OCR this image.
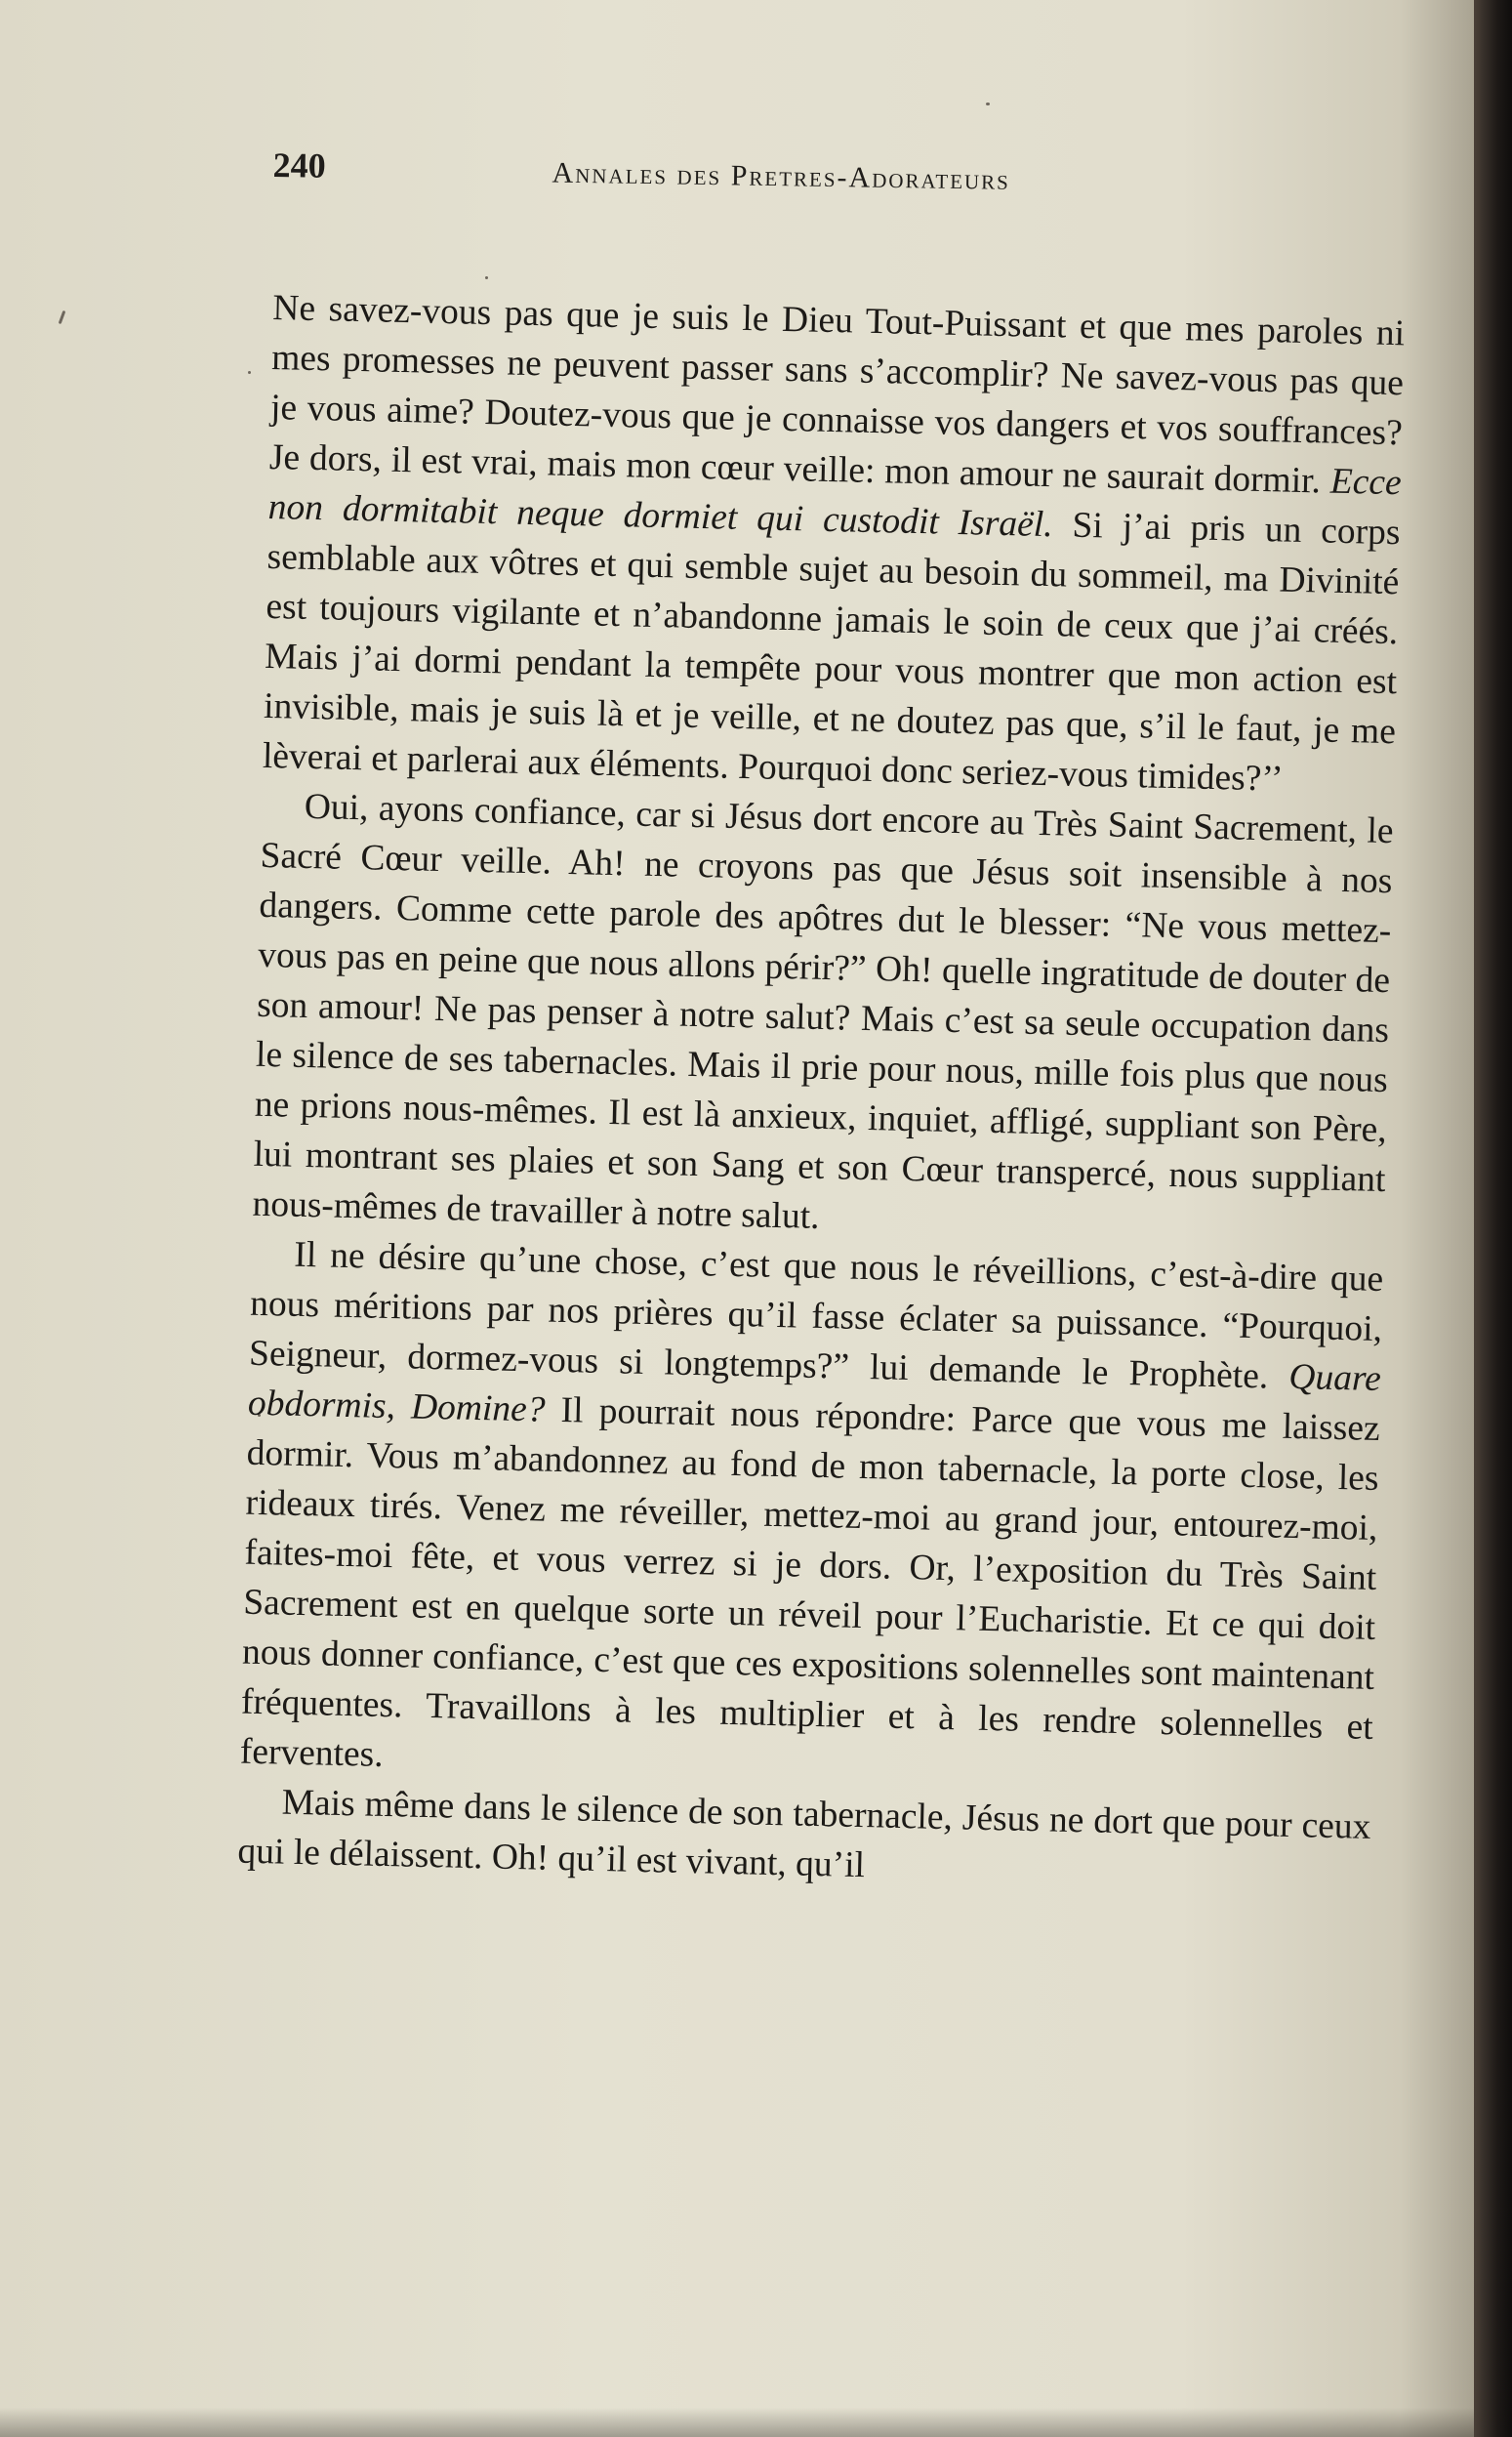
240	Annales des Pretres-Adorateurs

Ne savez-vous pas que je suis le Dieu Tout-Puissant et que mes paroles ni mes promesses ne peuvent passer sans s’accomplir? Ne savez-vous pas que je vous aime? Doutez-vous que je connaisse vos dangers et vos souffrances? Je dors, il est vrai, mais mon cœur veille: mon amour ne saurait dormir. Ecce non dormitabit neque dormiet qui custodit Israël. Si j’ai pris un corps semblable aux vôtres et qui semble sujet au besoin du sommeil, ma Divinité est toujours vigilante et n’abandonne jamais le soin de ceux que j’ai créés. Mais j’ai dormi pendant la tempête pour vous montrer que mon action est invisible, mais je suis là et je veille, et ne doutez pas que, s’il le faut, je me lèverai et parlerai aux éléments. Pourquoi donc seriez-vous timides?’’

Oui, ayons confiance, car si Jésus dort encore au Très Saint Sacrement, le Sacré Cœur veille. Ah! ne croyons pas que Jésus soit insensible à nos dangers. Comme cette parole des apôtres dut le blesser: “Ne vous mettez-vous pas en peine que nous allons périr?” Oh! quelle ingratitude de douter de son amour! Ne pas penser à notre salut? Mais c’est sa seule occupation dans le silence de ses tabernacles. Mais il prie pour nous, mille fois plus que nous ne prions nous-mêmes. Il est là anxieux, inquiet, affligé, suppliant son Père, lui montrant ses plaies et son Sang et son Cœur transpercé, nous suppliant nous-mêmes de travailler à notre salut.

Il ne désire qu’une chose, c’est que nous le réveillions, c’est-à-dire que nous méritions par nos prières qu’il fasse éclater sa puissance. “Pourquoi, Seigneur, dormez-vous si longtemps?” lui demande le Prophète. Quare obdormis, Domine? Il pourrait nous répondre: Parce que vous me laissez dormir. Vous m’abandonnez au fond de mon tabernacle, la porte close, les rideaux tirés. Venez me réveiller, mettez-moi au grand jour, entourez-moi, faites-moi fête, et vous verrez si je dors. Or, l’exposition du Très Saint Sacrement est en quelque sorte un réveil pour l’Eucharistie. Et ce qui doit nous donner confiance, c’est que ces expositions solennelles sont maintenant fréquentes. Travaillons à les multiplier et à les rendre solennelles et ferventes.

Mais même dans le silence de son tabernacle, Jésus ne dort que pour ceux qui le délaissent. Oh! qu’il est vivant, qu’il
